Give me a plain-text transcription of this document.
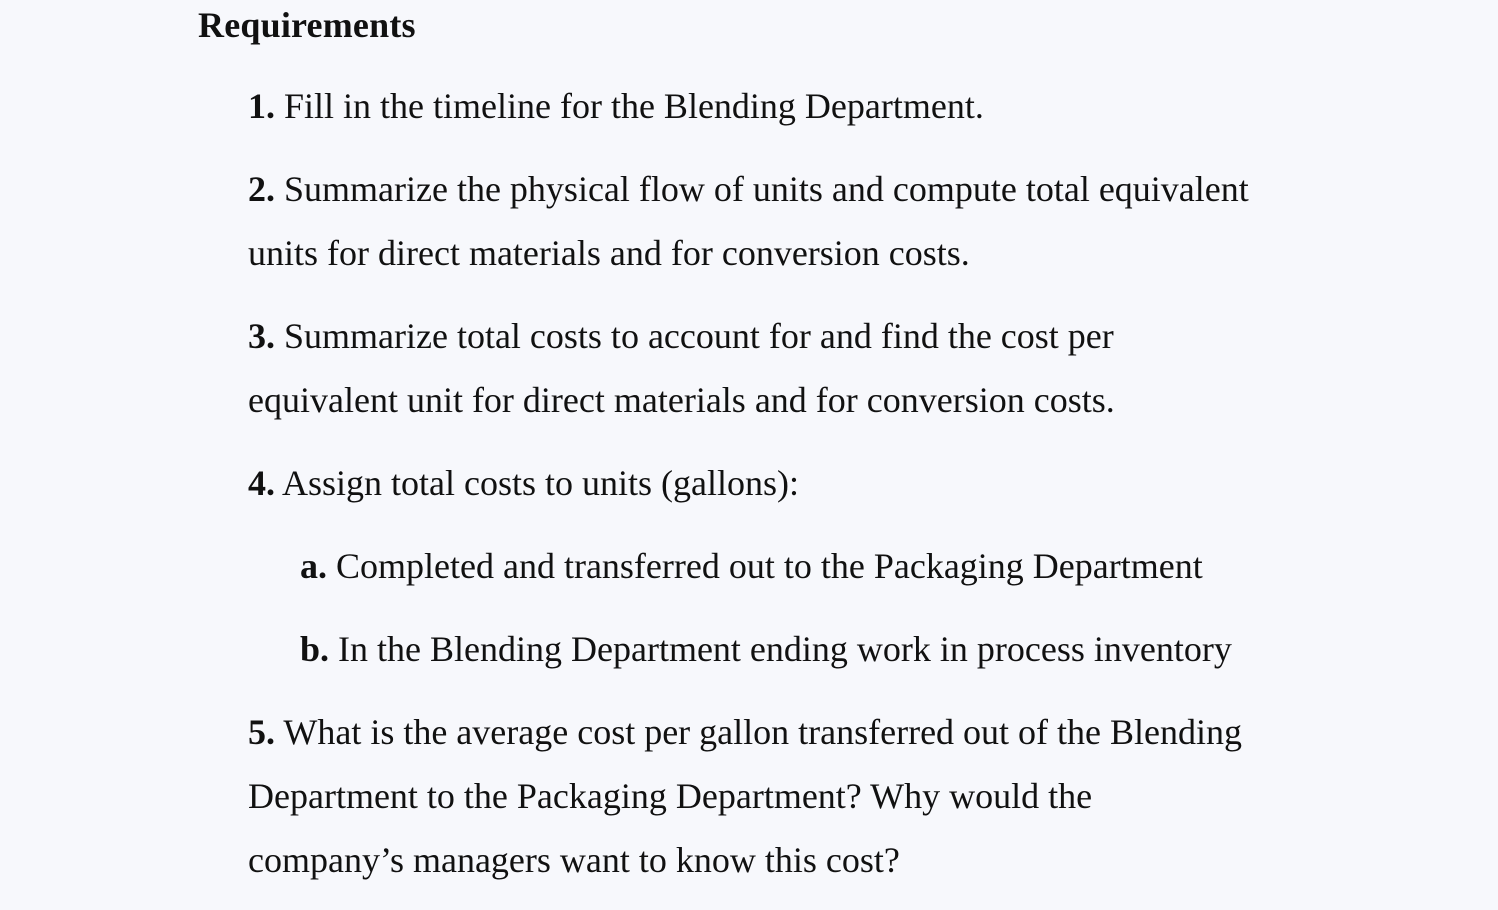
Requirements
1. Fill in the timeline for the Blending Department.
2. Summarize the physical flow of units and compute total equivalent
units for direct materials and for conversion costs.
3. Summarize total costs to account for and find the cost per
equivalent unit for direct materials and for conversion costs.
4. Assign total costs to units (gallons):
a. Completed and transferred out to the Packaging Department
b. In the Blending Department ending work in process inventory
5. What is the average cost per gallon transferred out of the Blending
Department to the Packaging Department? Why would the
company’s managers want to know this cost?
